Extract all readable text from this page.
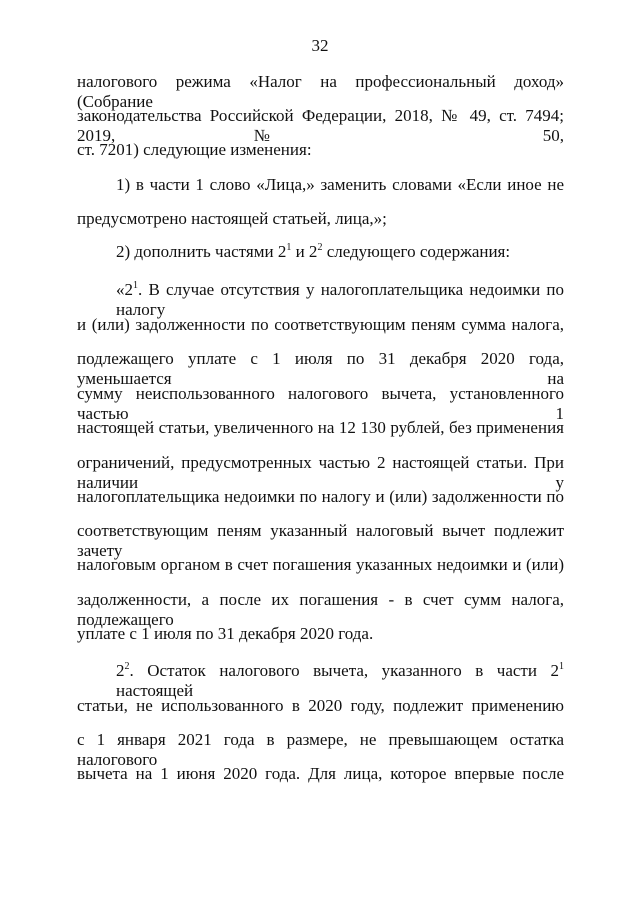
32
налогового режима «Налог на профессиональный доход» (Собрание
законодательства Российской Федерации, 2018, № 49, ст. 7494; 2019, № 50,
ст. 7201) следующие изменения:
1) в части 1 слово «Лица,» заменить словами «Если иное не
предусмотрено настоящей статьей, лица,»;
2) дополнить частями $2^1$ и $2^2$ следующего содержания:
«$2^1$. В случае отсутствия у налогоплательщика недоимки по налогу
и (или) задолженности по соответствующим пеням сумма налога,
подлежащего уплате с 1 июля по 31 декабря 2020 года, уменьшается на
сумму неиспользованного налогового вычета, установленного частью 1
настоящей статьи, увеличенного на 12 130 рублей, без применения
ограничений, предусмотренных частью 2 настоящей статьи. При наличии у
налогоплательщика недоимки по налогу и (или) задолженности по
соответствующим пеням указанный налоговый вычет подлежит зачету
налоговым органом в счет погашения указанных недоимки и (или)
задолженности, а после их погашения - в счет сумм налога, подлежащего
уплате с 1 июля по 31 декабря 2020 года.
$2^2$. Остаток налогового вычета, указанного в части $2^1$ настоящей
статьи, не использованного в 2020 году, подлежит применению
с 1 января 2021 года в размере, не превышающем остатка налогового
вычета на 1 июня 2020 года. Для лица, которое впервые после
